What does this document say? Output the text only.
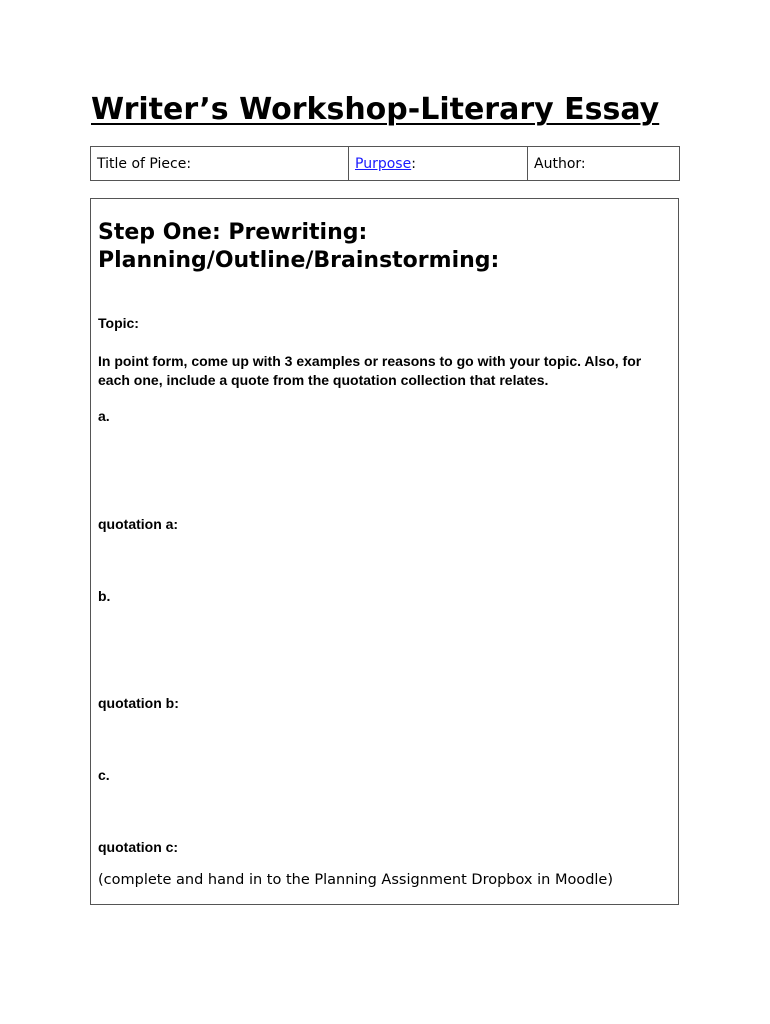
Writer’s Workshop-Literary Essay
Title of Piece:	Purpose:	Author:
Step One: Prewriting:
Planning/Outline/Brainstorming:

Topic:

In point form, come up with 3 examples or reasons to go with your topic. Also, for each one, include a quote from the quotation collection that relates.

a.

quotation a:

b.

quotation b:

c.

quotation c:

(complete and hand in to the Planning Assignment Dropbox in Moodle)
